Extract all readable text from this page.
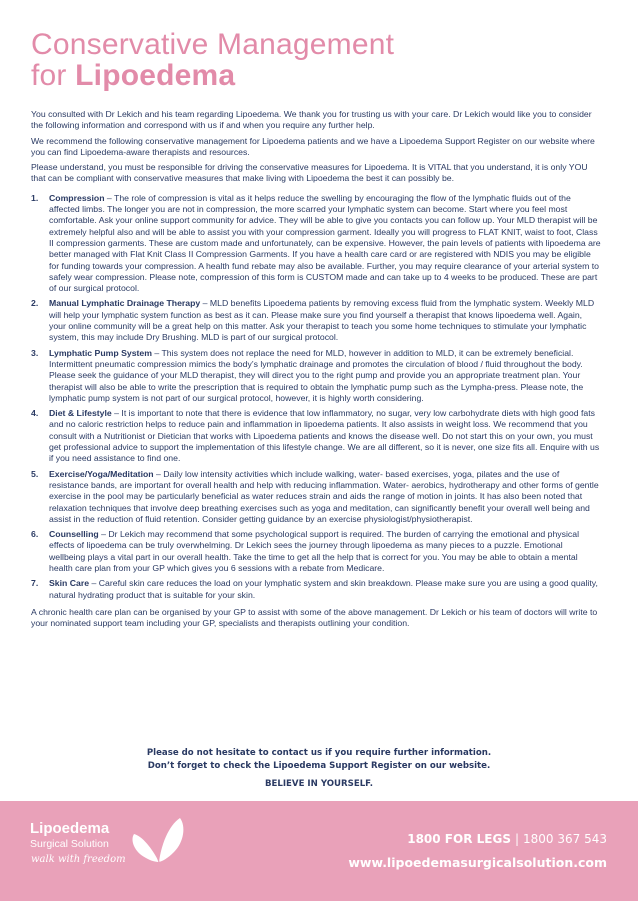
Conservative Management
for Lipoedema

You consulted with Dr Lekich and his team regarding Lipoedema. We thank you for trusting us with your care. Dr Lekich would like you to consider the following information and correspond with us if and when you require any further help.

We recommend the following conservative management for Lipoedema patients and we have a Lipoedema Support Register on our website where you can find Lipoedema-aware therapists and resources.

Please understand, you must be responsible for driving the conservative measures for Lipoedema. It is VITAL that you understand, it is only YOU that can be compliant with conservative measures that make living with Lipoedema the best it can possibly be.

1. Compression – The role of compression is vital as it helps reduce the swelling by encouraging the flow of the lymphatic fluids out of the affected limbs. The longer you are not in compression, the more scarred your lymphatic system can become. Start where you feel most comfortable. Ask your online support community for advice. They will be able to give you contacts you can follow up. Your MLD therapist will be extremely helpful also and will be able to assist you with your compression garment. Ideally you will progress to FLAT KNIT, waist to foot, Class II compression garments. These are custom made and unfortunately, can be expensive. However, the pain levels of patients with lipoedema are better managed with Flat Knit Class II Compression Garments. If you have a health care card or are registered with NDIS you may be eligible for funding towards your compression. A health fund rebate may also be available. Further, you may require clearance of your arterial system to safely wear compression. Please note, compression of this form is CUSTOM made and can take up to 4 weeks to be produced. These are part of our surgical protocol.
2. Manual Lymphatic Drainage Therapy – MLD benefits Lipoedema patients by removing excess fluid from the lymphatic system. Weekly MLD will help your lymphatic system function as best as it can. Please make sure you find yourself a therapist that knows lipoedema well. Again, your online community will be a great help on this matter. Ask your therapist to teach you some home techniques to stimulate your lymphatic system, this may include Dry Brushing. MLD is part of our surgical protocol.
3. Lymphatic Pump System – This system does not replace the need for MLD, however in addition to MLD, it can be extremely beneficial. Intermittent pneumatic compression mimics the body’s lymphatic drainage and promotes the circulation of blood / fluid throughout the body. Please seek the guidance of your MLD therapist, they will direct you to the right pump and provide you an appropriate treatment plan. Your therapist will also be able to write the prescription that is required to obtain the lymphatic pump such as the Lympha-press. Please note, the lymphatic pump system is not part of our surgical protocol, however, it is highly worth considering.
4. Diet & Lifestyle – It is important to note that there is evidence that low inflammatory, no sugar, very low carbohydrate diets with high good fats and no caloric restriction helps to reduce pain and inflammation in lipoedema patients. It also assists in weight loss. We recommend that you consult with a Nutritionist or Dietician that works with Lipoedema patients and knows the disease well. Do not start this on your own, you must get professional advice to support the implementation of this lifestyle change. We are all different, so it is never, one size fits all. Enquire with us if you need assistance to find one.
5. Exercise/Yoga/Meditation – Daily low intensity activities which include walking, water- based exercises, yoga, pilates and the use of resistance bands, are important for overall health and help with reducing inflammation. Water- aerobics, hydrotherapy and other forms of gentle exercise in the pool may be particularly beneficial as water reduces strain and aids the range of motion in joints. It has also been noted that relaxation techniques that involve deep breathing exercises such as yoga and meditation, can significantly benefit your overall well being and assist in the reduction of fluid retention. Consider getting guidance by an exercise physiologist/physiotherapist.
6. Counselling – Dr Lekich may recommend that some psychological support is required. The burden of carrying the emotional and physical effects of lipoedema can be truly overwhelming. Dr Lekich sees the journey through lipoedema as many pieces to a puzzle. Emotional wellbeing plays a vital part in our overall health. Take the time to get all the help that is correct for you. You may be able to obtain a mental health care plan from your GP which gives you 6 sessions with a rebate from Medicare.
7. Skin Care – Careful skin care reduces the load on your lymphatic system and skin breakdown. Please make sure you are using a good quality, natural hydrating product that is suitable for your skin.

A chronic health care plan can be organised by your GP to assist with some of the above management. Dr Lekich or his team of doctors will write to your nominated support team including your GP, specialists and therapists outlining your condition.

Please do not hesitate to contact us if you require further information.
Don’t forget to check the Lipoedema Support Register on our website.
BELIEVE IN YOURSELF.
Lipoedema
Surgical Solution
walk with freedom
1800 FOR LEGS | 1800 367 543
www.lipoedemasurgicalsolution.com
